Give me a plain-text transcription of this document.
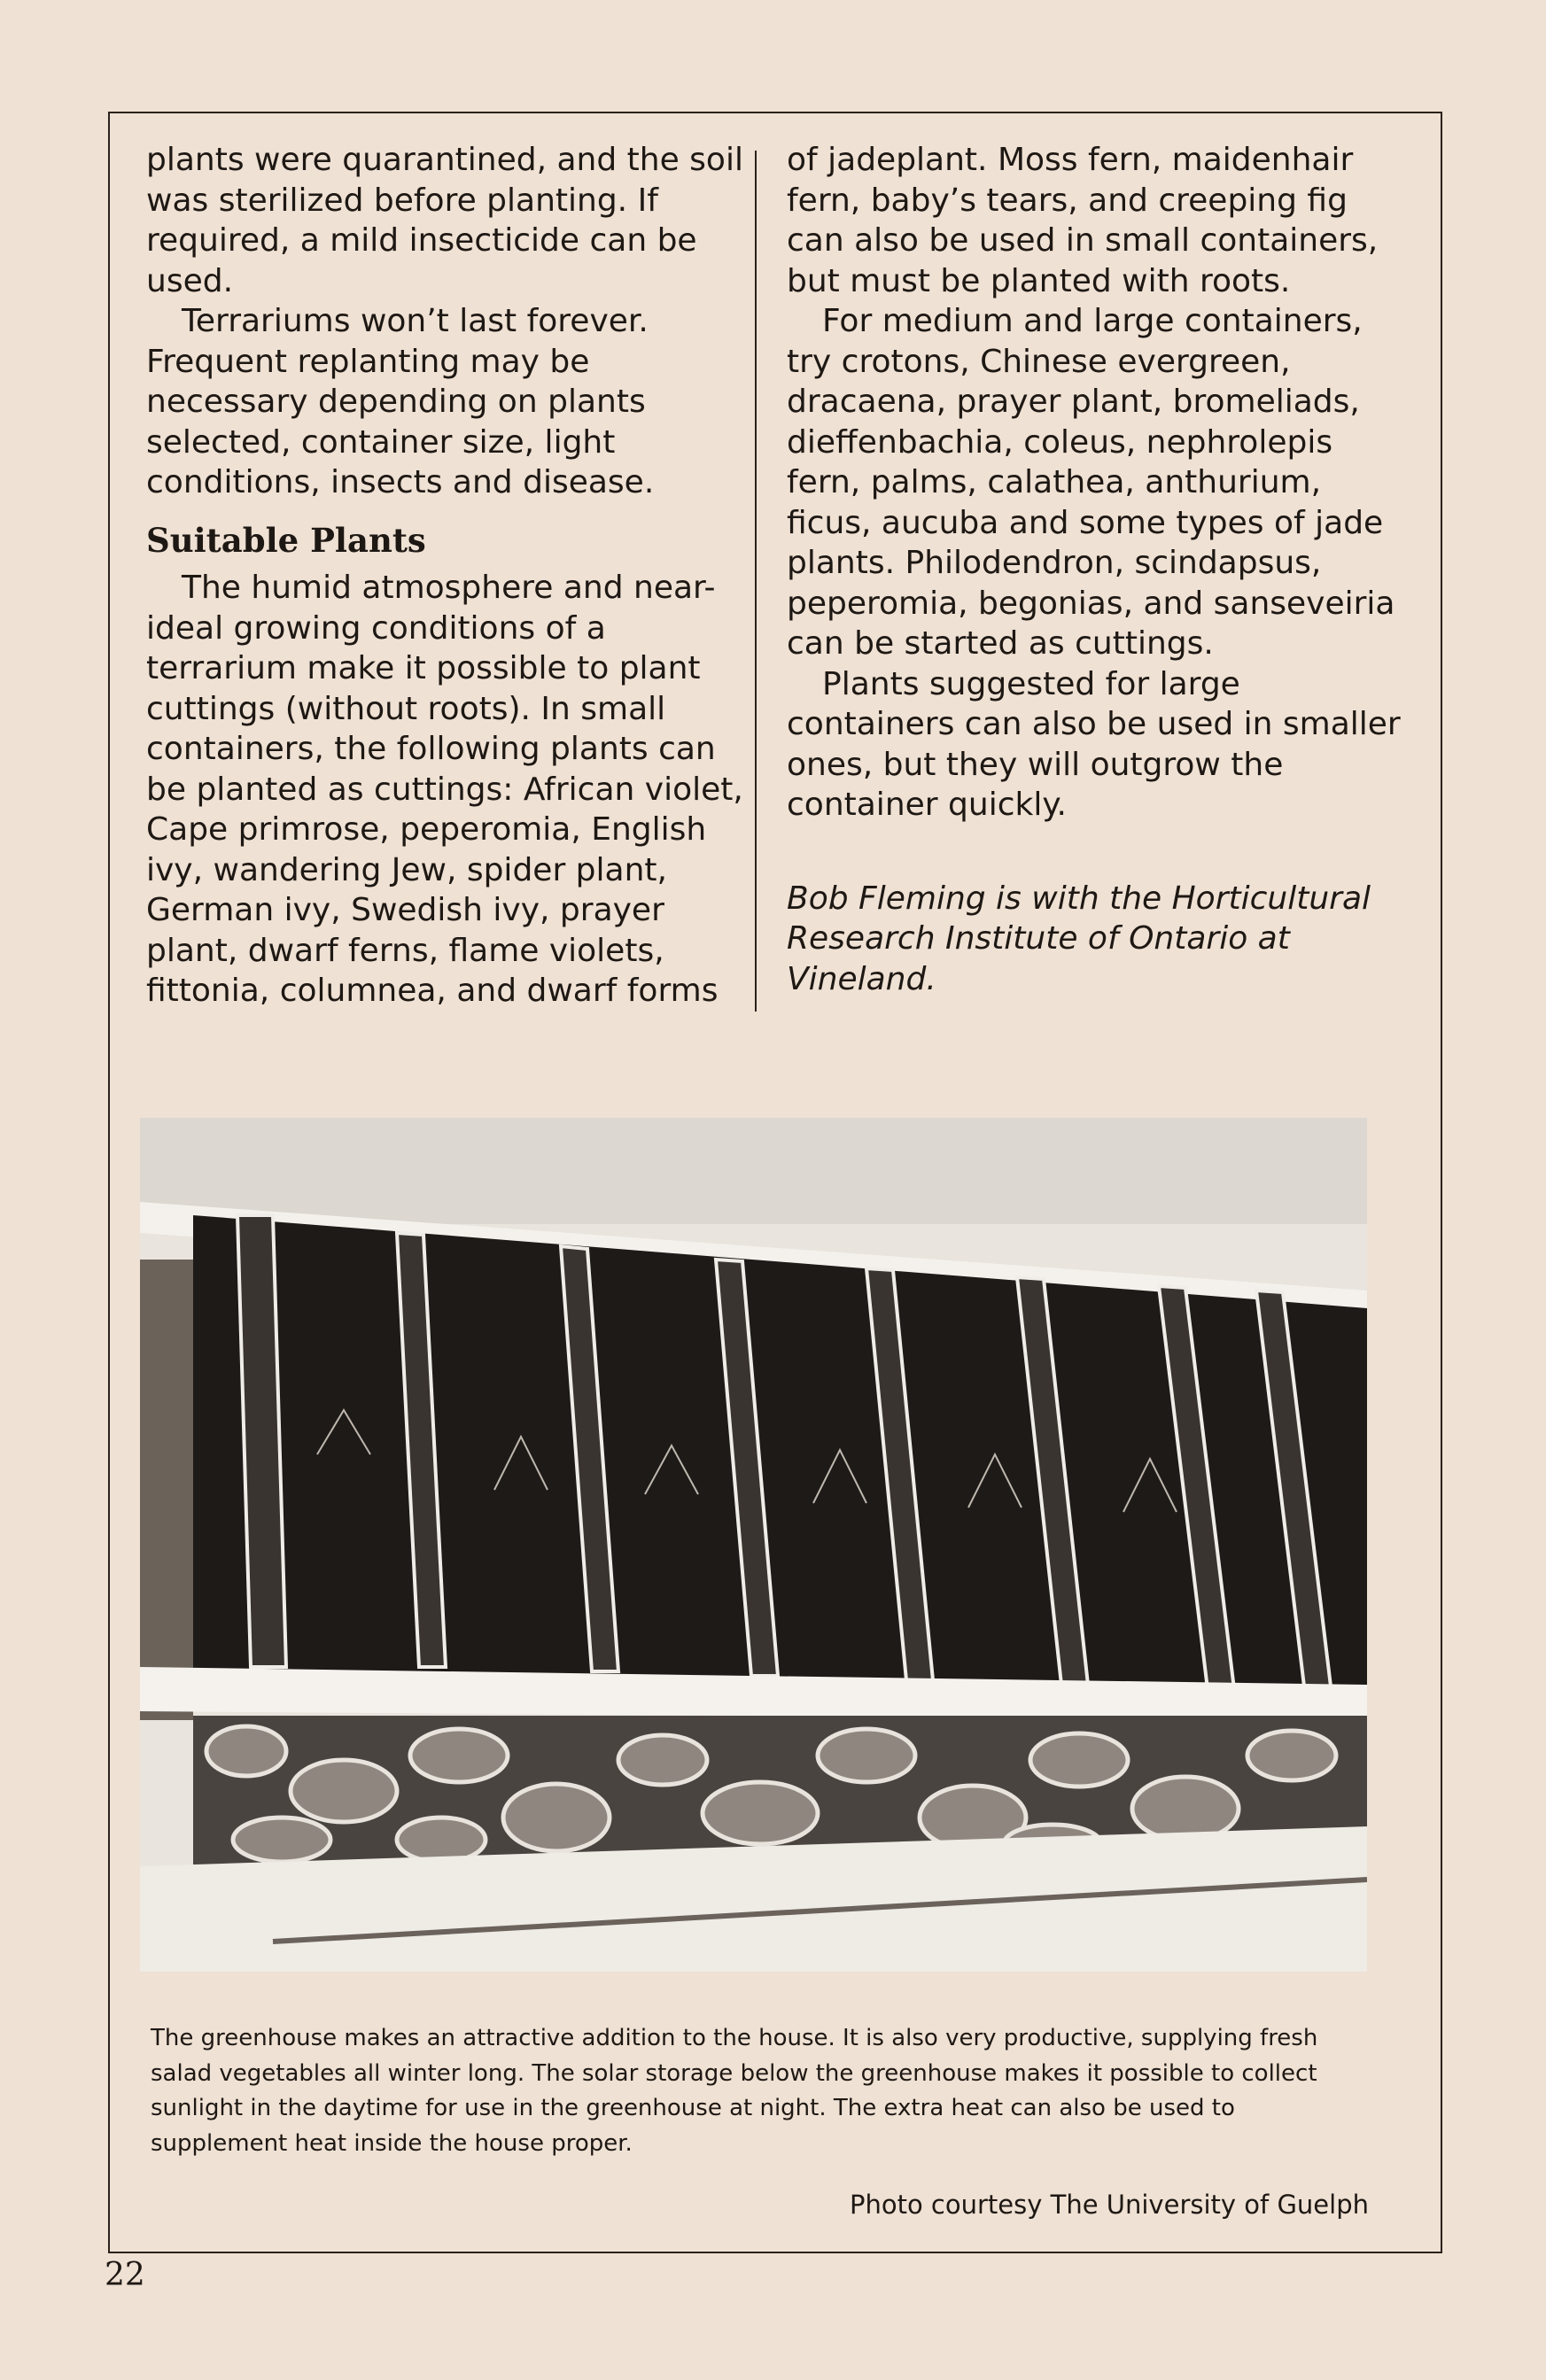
plants were quarantined, and the soil was sterilized before planting. If required, a mild insecticide can be used.

Terrariums won’t last forever. Frequent replanting may be necessary depending on plants selected, container size, light conditions, insects and disease.

Suitable Plants

The humid atmosphere and near-ideal growing conditions of a terrarium make it possible to plant cuttings (without roots). In small containers, the following plants can be planted as cuttings: African violet, Cape primrose, peperomia, English ivy, wandering Jew, spider plant, German ivy, Swedish ivy, prayer plant, dwarf ferns, flame violets, fittonia, columnea, and dwarf forms

of jadeplant. Moss fern, maidenhair fern, baby’s tears, and creeping fig can also be used in small containers, but must be planted with roots.

For medium and large containers, try crotons, Chinese evergreen, dracaena, prayer plant, bromeliads, dieffenbachia, coleus, nephrolepis fern, palms, calathea, anthurium, ficus, aucuba and some types of jade plants. Philodendron, scindapsus, peperomia, begonias, and sanseveiria can be started as cuttings.

Plants suggested for large containers can also be used in smaller ones, but they will outgrow the container quickly.

Bob Fleming is with the Horticultural Research Institute of Ontario at Vineland.

The greenhouse makes an attractive addition to the house. It is also very productive, supplying fresh salad vegetables all winter long. The solar storage below the greenhouse makes it possible to collect sunlight in the daytime for use in the greenhouse at night. The extra heat can also be used to supplement heat inside the house proper.
Photo courtesy The University of Guelph
22
